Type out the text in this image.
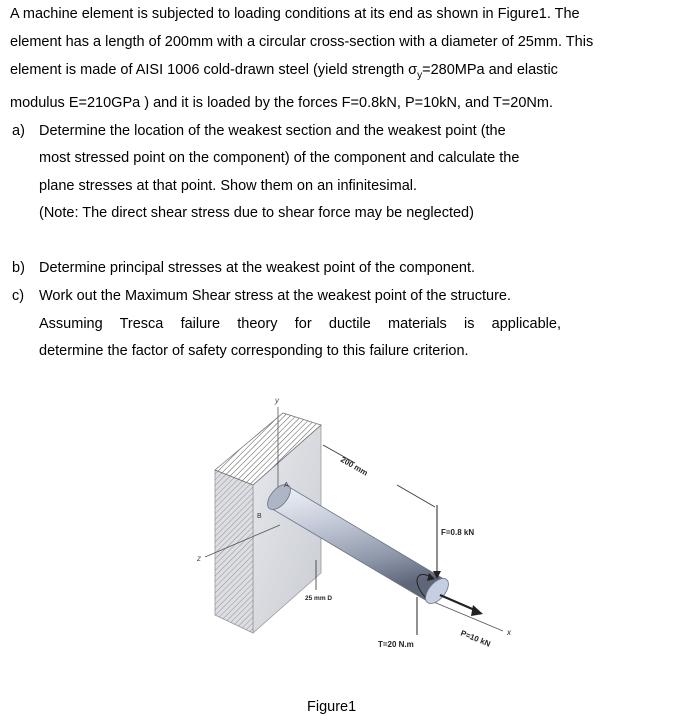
A machine element is subjected to loading conditions at its end as shown in Figure1. The
element has a length of 200mm with a circular cross-section with a diameter of 25mm. This
element is made of AISI 1006 cold-drawn steel (yield strength $\sigma_y=280MPa$ and elastic
modulus E=210GPa ) and it is loaded by the forces F=0.8kN, P=10kN, and T=20Nm.
a) Determine the location of the weakest section and the weakest point (the
most stressed point on the component) of the component and calculate the
plane stresses at that point. Show them on an infinitesimal.
(Note: The direct shear stress due to shear force may be neglected)
b) Determine principal stresses at the weakest point of the component.
c) Work out the Maximum Shear stress at the weakest point of the structure.
Assuming Tresca failure theory for ductile materials is applicable,
determine the factor of safety corresponding to this failure criterion.
y
z
x
A
B
200 mm
25 mm D
F=0.8 kN
T=20 N.m	P=10 kN
Figure1
